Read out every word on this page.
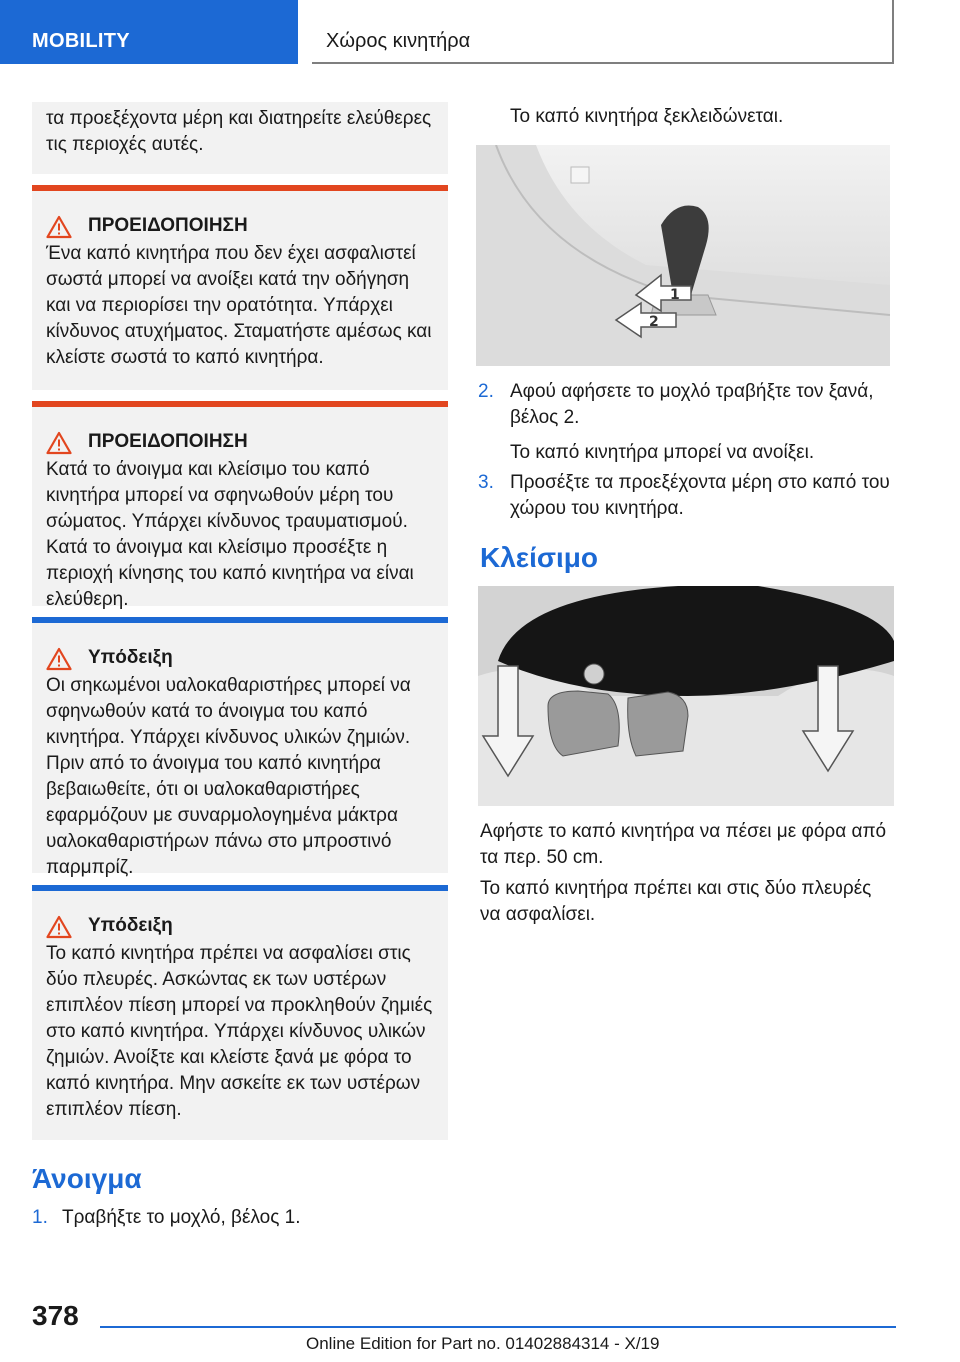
MOBILITY	Χώρος κινητήρα

τα προεξέχοντα μέρη και διατηρείτε ελεύθερες τις περιοχές αυτές.

ΠΡΟΕΙΔΟΠΟΙΗΣΗ

Ένα καπό κινητήρα που δεν έχει ασφαλιστεί σωστά μπορεί να ανοίξει κατά την οδήγηση και να περιορίσει την ορατότητα. Υπάρχει κίνδυνος ατυχήματος. Σταματήστε αμέσως και κλείστε σωστά το καπό κινητήρα.

ΠΡΟΕΙΔΟΠΟΙΗΣΗ

Κατά το άνοιγμα και κλείσιμο του καπό κινητήρα μπορεί να σφηνωθούν μέρη του σώματος. Υπάρχει κίνδυνος τραυματισμού. Κατά το άνοιγμα και κλείσιμο προσέξτε η περιοχή κίνησης του καπό κινητήρα να είναι ελεύθερη.

Υπόδειξη

Οι σηκωμένοι υαλοκαθαριστήρες μπορεί να σφηνωθούν κατά το άνοιγμα του καπό κινητήρα. Υπάρχει κίνδυνος υλικών ζημιών. Πριν από το άνοιγμα του καπό κινητήρα βεβαιωθείτε, ότι οι υαλοκαθαριστήρες εφαρμόζουν με συναρμολογημένα μάκτρα υαλοκαθαριστήρων πάνω στο μπροστινό παρμπρίζ.

Υπόδειξη

Το καπό κινητήρα πρέπει να ασφαλίσει στις δύο πλευρές. Ασκώντας εκ των υστέρων επιπλέον πίεση μπορεί να προκληθούν ζημιές στο καπό κινητήρα. Υπάρχει κίνδυνος υλικών ζημιών. Ανοίξτε και κλείστε ξανά με φόρα το καπό κινητήρα. Μην ασκείτε εκ των υστέρων επιπλέον πίεση.

Άνοιγμα
1. Τραβήξτε το μοχλό, βέλος 1.

Το καπό κινητήρα ξεκλειδώνεται.

2
1
2. Αφού αφήσετε το μοχλό τραβήξτε τον ξανά, βέλος 2.

Το καπό κινητήρα μπορεί να ανοίξει.

3. Προσέξτε τα προεξέχοντα μέρη στο καπό του χώρου του κινητήρα.

Κλείσιμο

Αφήστε το καπό κινητήρα να πέσει με φόρα από τα περ. 50 cm.

Το καπό κινητήρα πρέπει και στις δύο πλευρές να ασφαλίσει.

378
Online Edition for Part no. 01402884314 - X/19
